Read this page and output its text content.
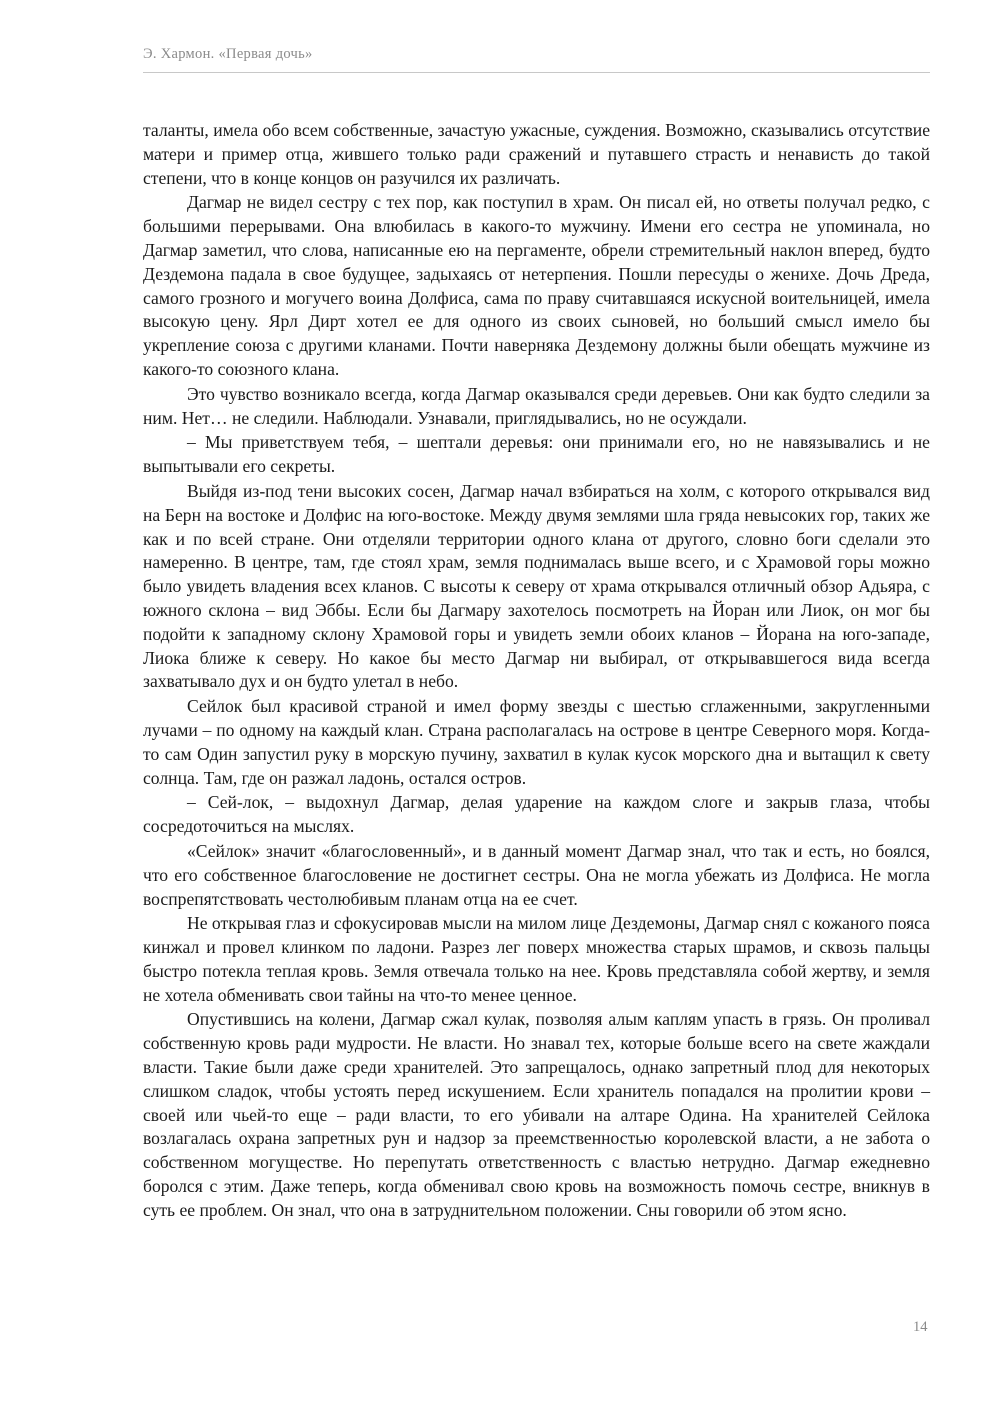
Э. Хармон. «Первая дочь»

таланты, имела обо всем собственные, зачастую ужасные, суждения. Возможно, сказывались отсутствие матери и пример отца, жившего только ради сражений и путавшего страсть и ненависть до такой степени, что в конце концов он разучился их различать.

Дагмар не видел сестру с тех пор, как поступил в храм. Он писал ей, но ответы получал редко, с большими перерывами. Она влюбилась в какого-то мужчину. Имени его сестра не упоминала, но Дагмар заметил, что слова, написанные ею на пергаменте, обрели стремительный наклон вперед, будто Дездемона падала в свое будущее, задыхаясь от нетерпения. Пошли пересуды о женихе. Дочь Дреда, самого грозного и могучего воина Долфиса, сама по праву считавшаяся искусной воительницей, имела высокую цену. Ярл Дирт хотел ее для одного из своих сыновей, но больший смысл имело бы укрепление союза с другими кланами. Почти наверняка Дездемону должны были обещать мужчине из какого-то союзного клана.

Это чувство возникало всегда, когда Дагмар оказывался среди деревьев. Они как будто следили за ним. Нет… не следили. Наблюдали. Узнавали, приглядывались, но не осуждали.

– Мы приветствуем тебя, – шептали деревья: они принимали его, но не навязывались и не выпытывали его секреты.

Выйдя из-под тени высоких сосен, Дагмар начал взбираться на холм, с которого открывался вид на Берн на востоке и Долфис на юго-востоке. Между двумя землями шла гряда невысоких гор, таких же как и по всей стране. Они отделяли территории одного клана от другого, словно боги сделали это намеренно. В центре, там, где стоял храм, земля поднималась выше всего, и с Храмовой горы можно было увидеть владения всех кланов. С высоты к северу от храма открывался отличный обзор Адьяра, с южного склона – вид Эббы. Если бы Дагмару захотелось посмотреть на Йоран или Лиок, он мог бы подойти к западному склону Храмовой горы и увидеть земли обоих кланов – Йорана на юго-западе, Лиока ближе к северу. Но какое бы место Дагмар ни выбирал, от открывавшегося вида всегда захватывало дух и он будто улетал в небо.

Сейлок был красивой страной и имел форму звезды с шестью сглаженными, закругленными лучами – по одному на каждый клан. Страна располагалась на острове в центре Северного моря. Когда-то сам Один запустил руку в морскую пучину, захватил в кулак кусок морского дна и вытащил к свету солнца. Там, где он разжал ладонь, остался остров.

– Сей-лок, – выдохнул Дагмар, делая ударение на каждом слоге и закрыв глаза, чтобы сосредоточиться на мыслях.

«Сейлок» значит «благословенный», и в данный момент Дагмар знал, что так и есть, но боялся, что его собственное благословение не достигнет сестры. Она не могла убежать из Долфиса. Не могла воспрепятствовать честолюбивым планам отца на ее счет.

Не открывая глаз и сфокусировав мысли на милом лице Дездемоны, Дагмар снял с кожаного пояса кинжал и провел клинком по ладони. Разрез лег поверх множества старых шрамов, и сквозь пальцы быстро потекла теплая кровь. Земля отвечала только на нее. Кровь представляла собой жертву, и земля не хотела обменивать свои тайны на что-то менее ценное.

Опустившись на колени, Дагмар сжал кулак, позволяя алым каплям упасть в грязь. Он проливал собственную кровь ради мудрости. Не власти. Но знавал тех, которые больше всего на свете жаждали власти. Такие были даже среди хранителей. Это запрещалось, однако запретный плод для некоторых слишком сладок, чтобы устоять перед искушением. Если хранитель попадался на пролитии крови – своей или чьей-то еще – ради власти, то его убивали на алтаре Одина. На хранителей Сейлока возлагалась охрана запретных рун и надзор за преемственностью королевской власти, а не забота о собственном могуществе. Но перепутать ответственность с властью нетрудно. Дагмар ежедневно боролся с этим. Даже теперь, когда обменивал свою кровь на возможность помочь сестре, вникнув в суть ее проблем. Он знал, что она в затруднительном положении. Сны говорили об этом ясно.

14
